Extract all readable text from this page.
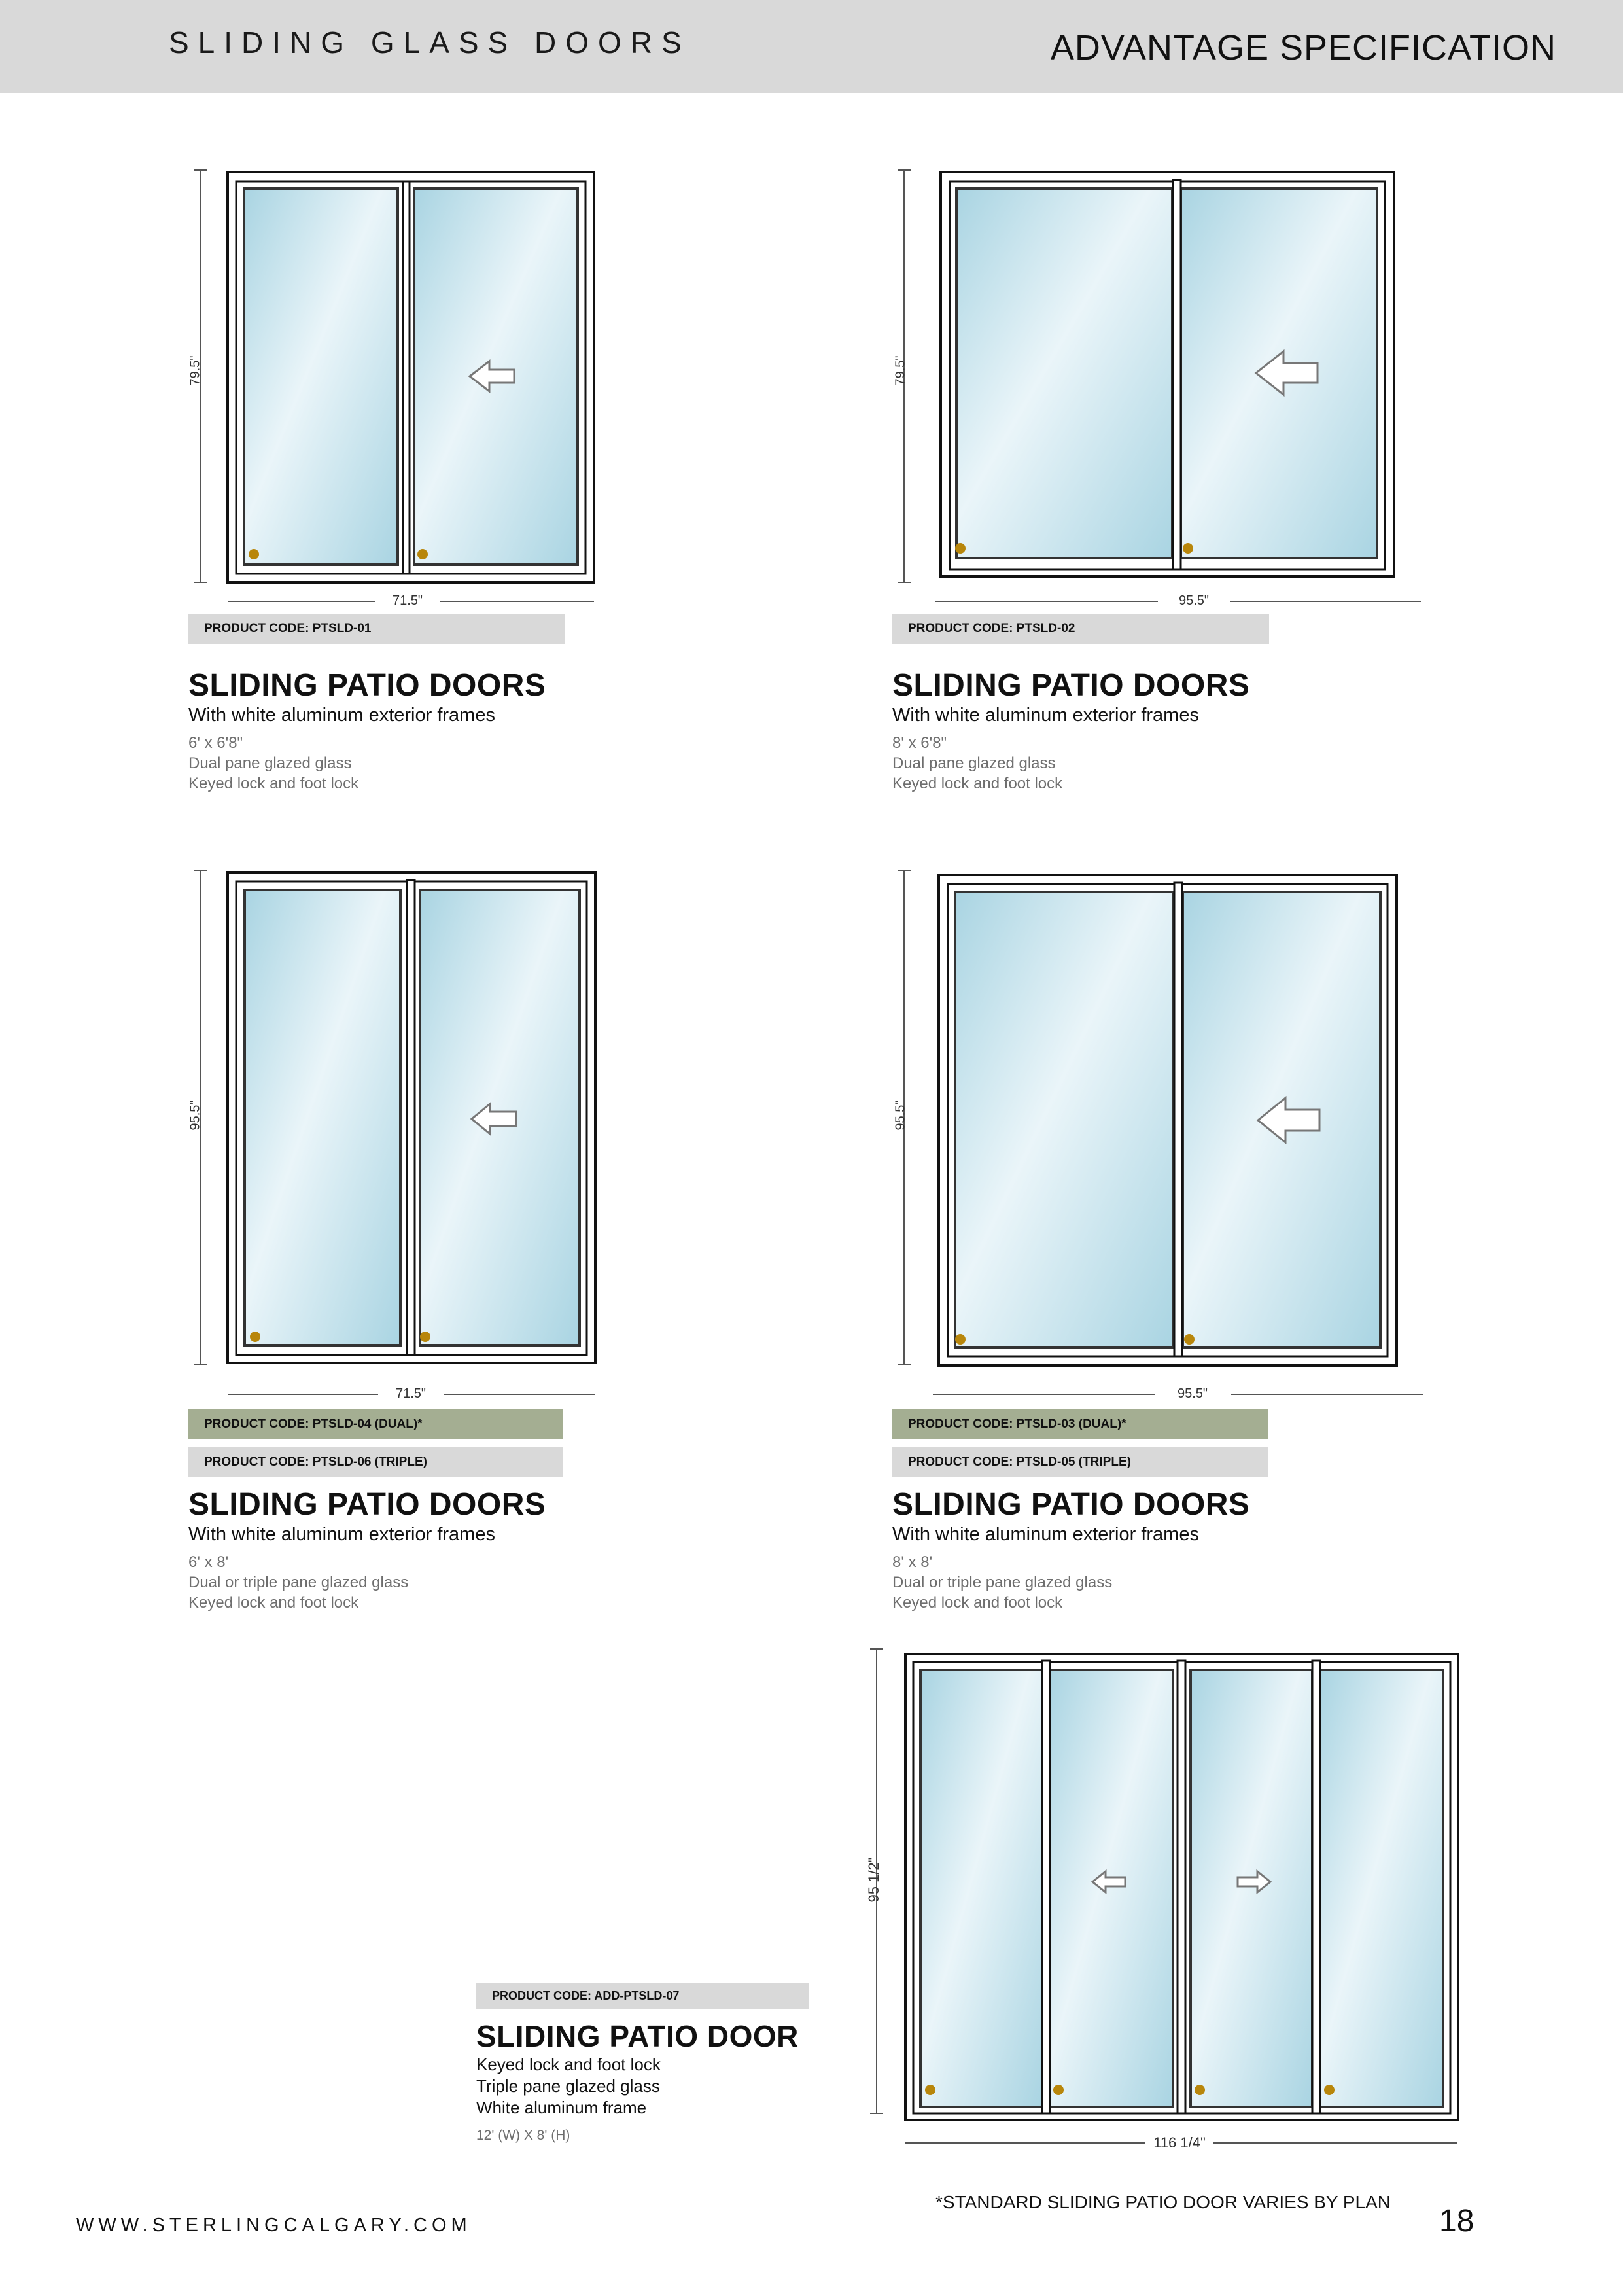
SLIDING GLASS DOORS	ADVANTAGE SPECIFICATION
79.5"
71.5"
PRODUCT CODE: PTSLD-01
SLIDING PATIO DOORS
With white aluminum exterior frames
6' x 6'8"
Dual pane glazed glass
Keyed lock and foot lock
79.5"
95.5"
PRODUCT CODE: PTSLD-02
SLIDING PATIO DOORS
With white aluminum exterior frames
8' x 6'8"
Dual pane glazed glass
Keyed lock and foot lock
95.5"
71.5"
PRODUCT CODE: PTSLD-04 (DUAL)*
PRODUCT CODE: PTSLD-06 (TRIPLE)
SLIDING PATIO DOORS
With white aluminum exterior frames
6' x 8'
Dual or triple pane glazed glass
Keyed lock and foot lock
95.5"
95.5"
PRODUCT CODE: PTSLD-03 (DUAL)*
PRODUCT CODE: PTSLD-05 (TRIPLE)
SLIDING PATIO DOORS
With white aluminum exterior frames
8' x 8'
Dual or triple pane glazed glass
Keyed lock and foot lock
95 1/2"
116 1/4"
PRODUCT CODE: ADD-PTSLD-07
SLIDING PATIO DOOR
Keyed lock and foot lock
Triple pane glazed glass
White aluminum frame
12' (W) X 8' (H)
WWW.STERLINGCALGARY.COM
*STANDARD SLIDING PATIO DOOR VARIES BY PLAN
18
